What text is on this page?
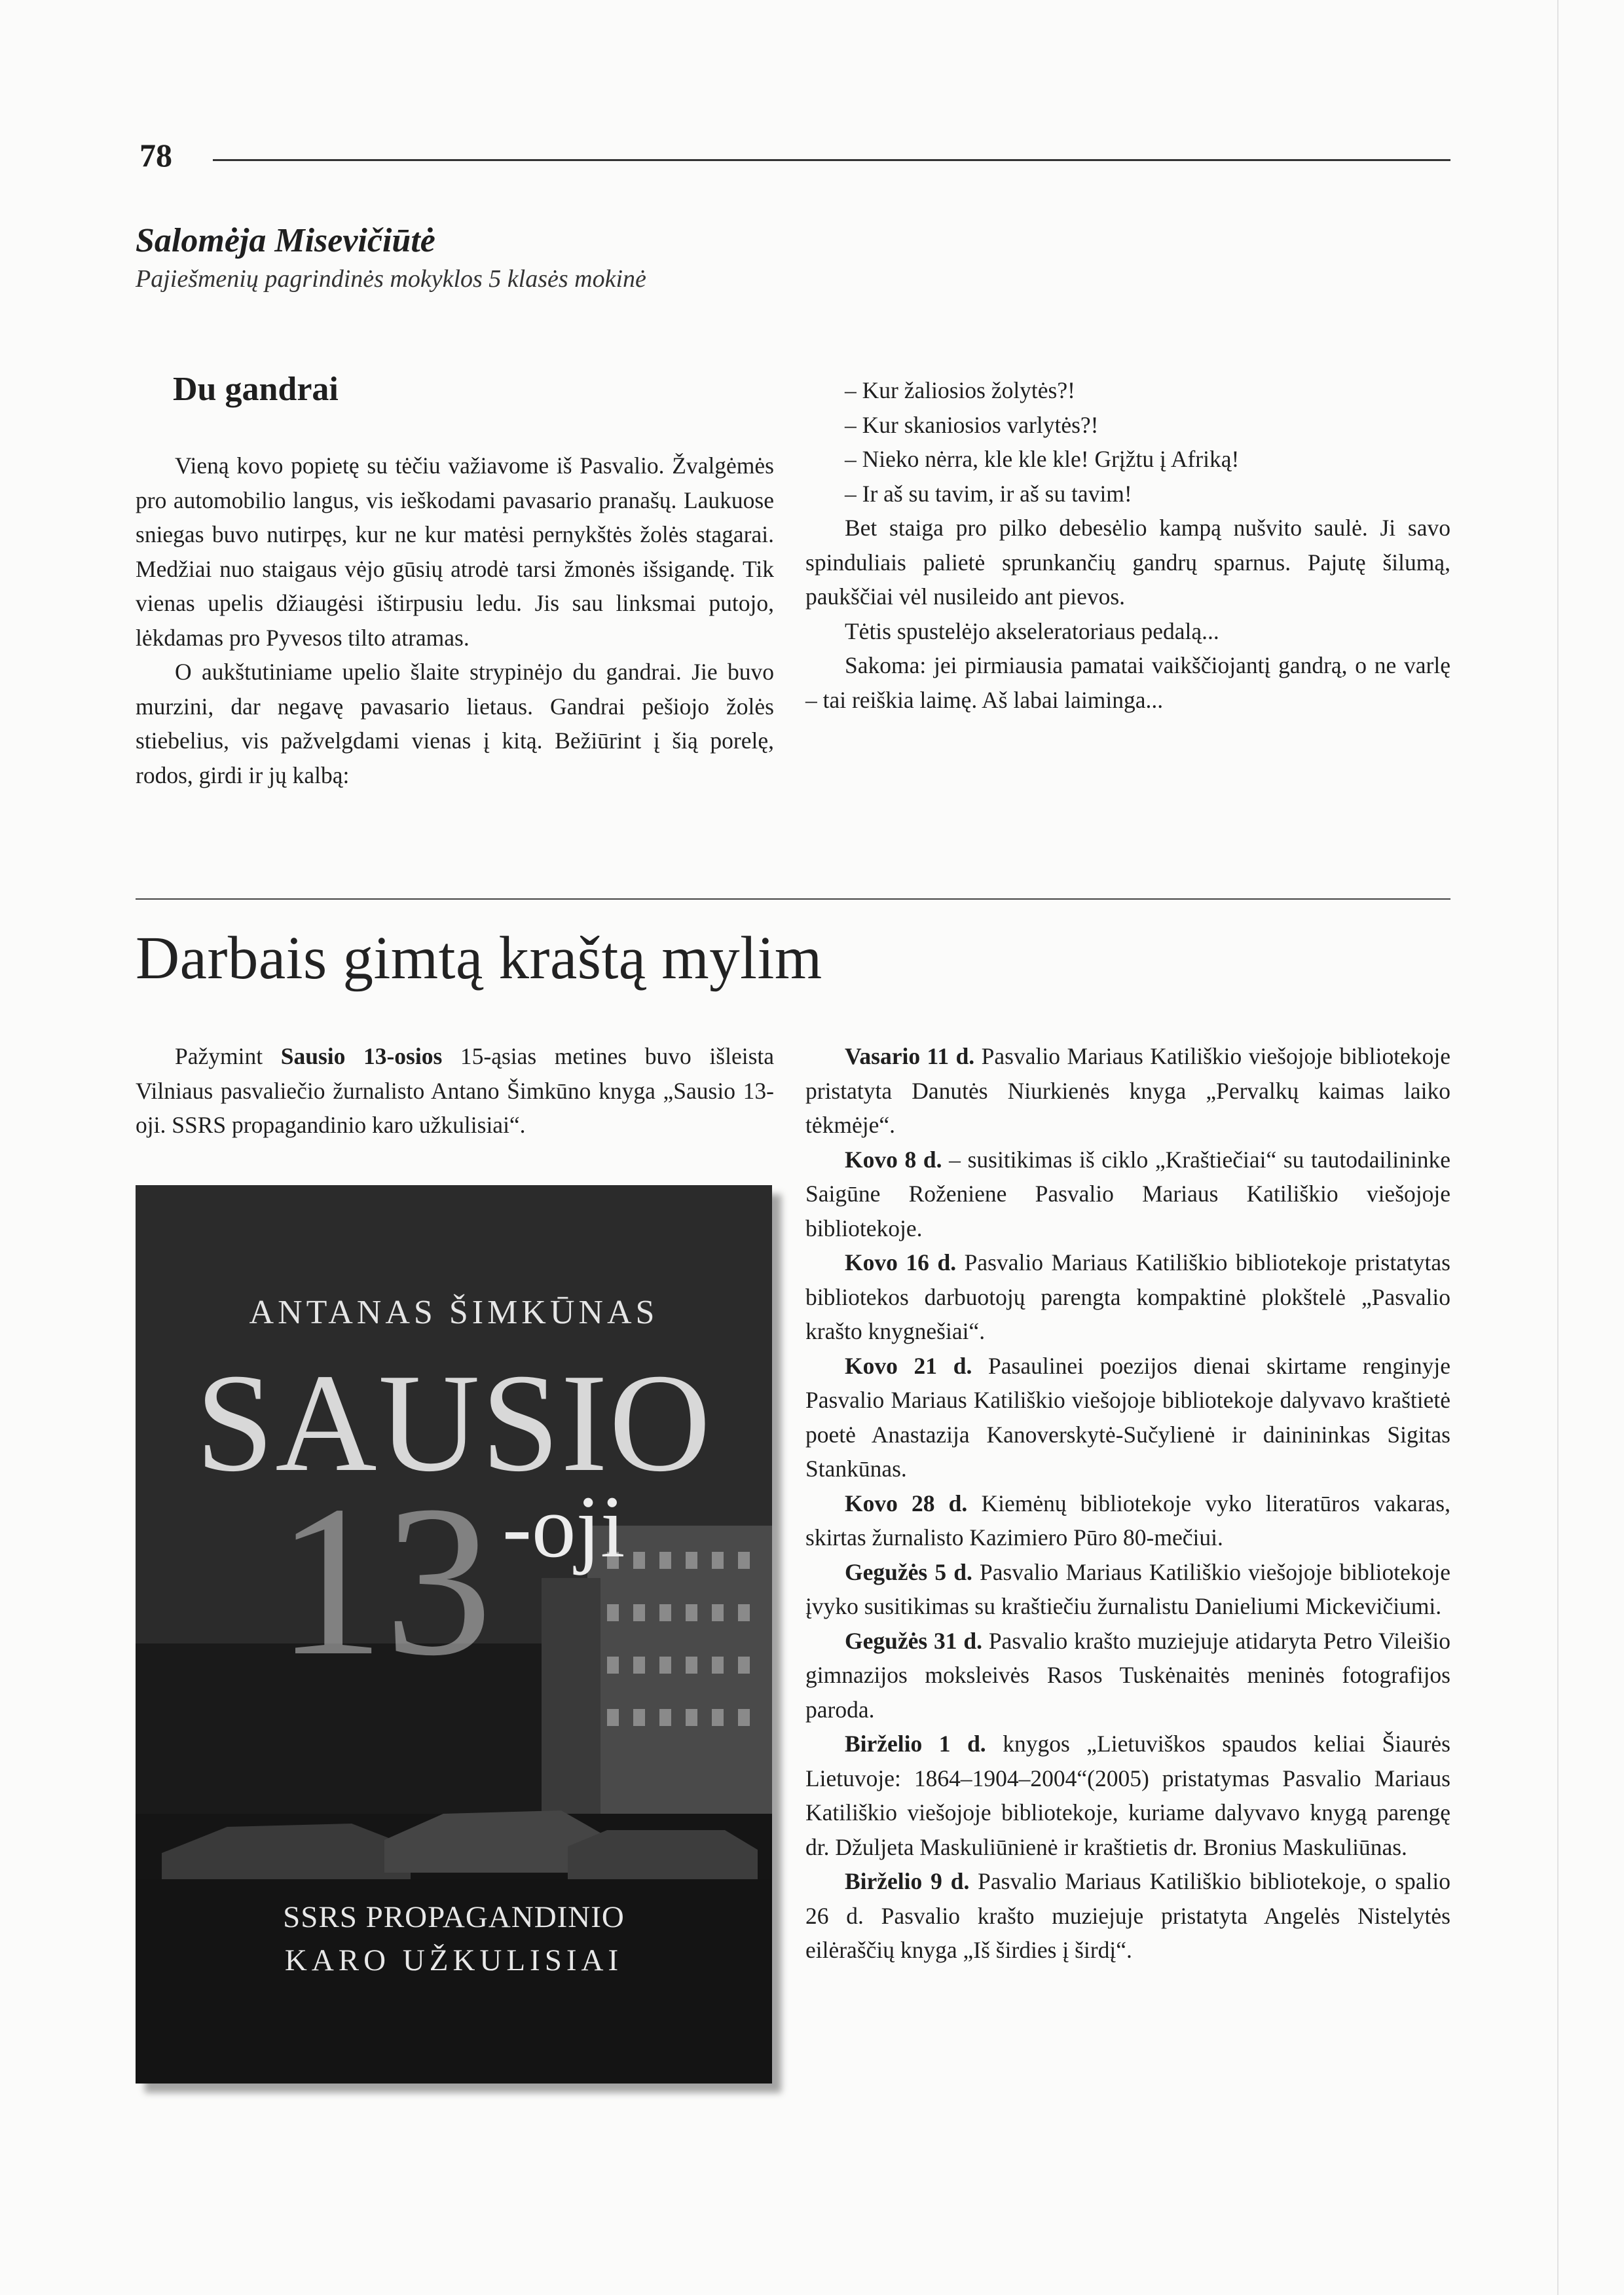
78
Salomėja Misevičiūtė
Pajiešmenių pagrindinės mokyklos 5 klasės mokinė
Du gandrai

Vieną kovo popietę su tėčiu važiavome iš Pasvalio. Žvalgėmės pro automobilio langus, vis ieškodami pavasario pranašų. Laukuose sniegas buvo nutirpęs, kur ne kur matėsi pernykštės žolės stagarai. Medžiai nuo staigaus vėjo gūsių atrodė tarsi žmonės išsigandę. Tik vienas upelis džiaugėsi ištirpusiu ledu. Jis sau linksmai putojo, lėkdamas pro Pyvesos tilto atramas.

O aukštutiniame upelio šlaite strypinėjo du gandrai. Jie buvo murzini, dar negavę pavasario lietaus. Gandrai pešiojo žolės stiebelius, vis pažvelgdami vienas į kitą. Bežiūrint į šią porelę, rodos, girdi ir jų kalbą:

– Kur žaliosios žolytės?!

– Kur skaniosios varlytės?!

– Nieko nėrra, kle kle kle! Grįžtu į Afriką!

– Ir aš su tavim, ir aš su tavim!

Bet staiga pro pilko debesėlio kampą nušvito saulė. Ji savo spinduliais palietė sprunkančių gandrų sparnus. Pajutę šilumą, paukščiai vėl nusileido ant pievos.

Tėtis spustelėjo akseleratoriaus pedalą...

Sakoma: jei pirmiausia pamatai vaikščiojantį gandrą, o ne varlę – tai reiškia laimę. Aš labai laiminga...

Darbais gimtą kraštą mylim

Pažymint Sausio 13-osios 15-ąsias metines buvo išleista Vilniaus pasvaliečio žurnalisto Antano Šimkūno knyga „Sausio 13-oji. SSRS propagandinio karo užkulisiai“.

ANTANAS ŠIMKŪNAS
SAUSIO
13 -oji
SSRS PROPAGANDINIO
KARO UŽKULISIAI

Vasario 11 d. Pasvalio Mariaus Katiliškio viešojoje bibliotekoje pristatyta Danutės Niurkienės knyga „Pervalkų kaimas laiko tėkmėje“.

Kovo 8 d. – susitikimas iš ciklo „Kraštiečiai“ su tautodailininke Saigūne Roženiene Pasvalio Mariaus Katiliškio viešojoje bibliotekoje.

Kovo 16 d. Pasvalio Mariaus Katiliškio bibliotekoje pristatytas bibliotekos darbuotojų parengta kompaktinė plokštelė „Pasvalio krašto knygnešiai“.

Kovo 21 d. Pasaulinei poezijos dienai skirtame renginyje Pasvalio Mariaus Katiliškio viešojoje bibliotekoje dalyvavo kraštietė poetė Anastazija Kanoverskytė-Sučylienė ir dainininkas Sigitas Stankūnas.

Kovo 28 d. Kiemėnų bibliotekoje vyko literatūros vakaras, skirtas žurnalisto Kazimiero Pūro 80-mečiui.

Gegužės 5 d. Pasvalio Mariaus Katiliškio viešojoje bibliotekoje įvyko susitikimas su kraštiečiu žurnalistu Danieliumi Mickevičiumi.

Gegužės 31 d. Pasvalio krašto muziejuje atidaryta Petro Vileišio gimnazijos moksleivės Rasos Tuskėnaitės meninės fotografijos paroda.

Birželio 1 d. knygos „Lietuviškos spaudos keliai Šiaurės Lietuvoje: 1864–1904–2004“(2005) pristatymas Pasvalio Mariaus Katiliškio viešojoje bibliotekoje, kuriame dalyvavo knygą parengę dr. Džuljeta Maskuliūnienė ir kraštietis dr. Bronius Maskuliūnas.

Birželio 9 d. Pasvalio Mariaus Katiliškio bibliotekoje, o spalio 26 d. Pasvalio krašto muziejuje pristatyta Angelės Nistelytės eilėraščių knyga „Iš širdies į širdį“.
